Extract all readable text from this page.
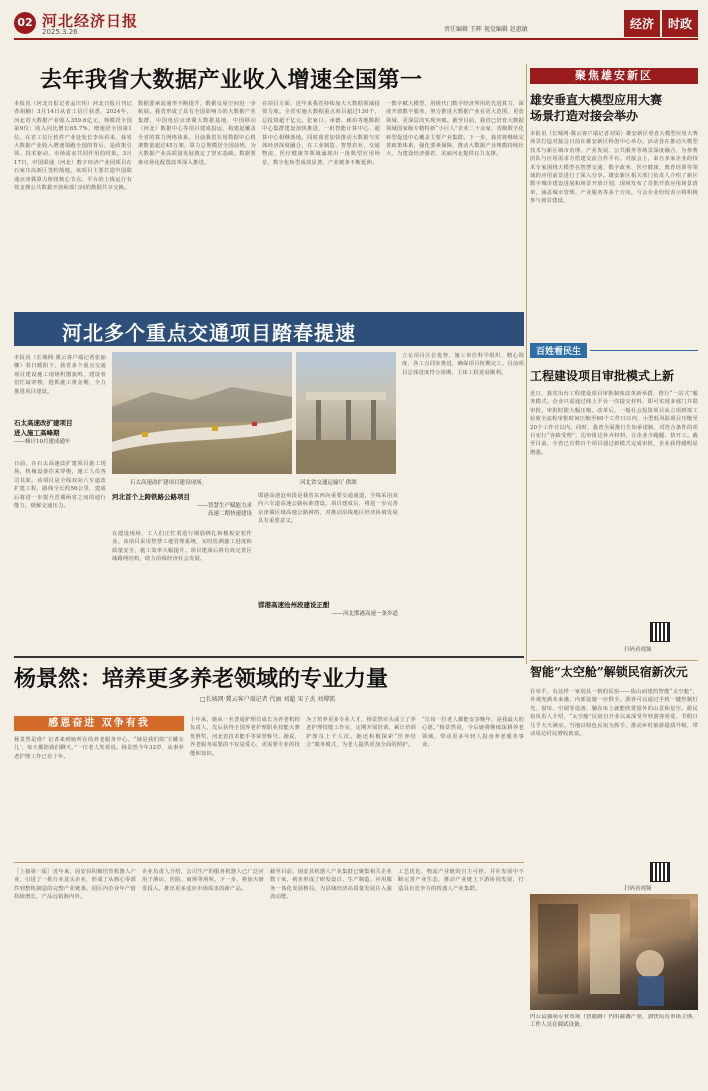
02 河北经济日报
2025.3.26	责任编辑 王晖 视觉编辑 赵惠敏	经济	时政
去年我省大数据产业收入增速全国第一
本报讯（河北日报记者孟庆伟）河北日报月刊记者胡楠）3月14日从省工信厅获悉，2024年，河北省大数据产业收入359.6亿元，规模居全国第9位；收入同比增长65.7%，增速居全国第1位。在省工信厅软件产业处处长李向看来，我省大数据产业收入增速领跑全国的背后，是政策引领、技术驱动、市场需求共同作用的结果。3月17日，中国联通（河北）数字经济产业园项目在石家庄高新区签约落地，该项目主要打造中国联通京津冀算力枢纽核心节点。平台的上线运行有效支撑公共数据开放和部门间的数据共享交换。
数据要素流通率不断提升，数据交易空间进一步拓展。我省形成了具有全国影响力的大数据产业集群，中国电信京津冀大数据基地、中国移动（河北）数据中心等项目建成投运，构建起覆盖全省的算力网络体系。目前我省在用数据中心机架数量超过45万架，算力总规模居全国前列，为大数据产业高质量发展奠定了坚实基础。数据要素市场化配置改革深入推进。
在项目方面，近年来我省持续加大大数据领域投资力度。全省实施大数据重点项目超过130个，总投资超千亿元。张家口、承德、廊坊等地数据中心集群建设加快推进，一批智能计算中心、超算中心相继落地。同时我省加快推动大数据与实体经济深度融合，在工业制造、智慧农业、交通物流、医疗健康等领域涌现出一批典型应用场景，数字化转型成效显著，产业链条不断延伸。
一数字赋大模型，用组代门数字经济所用的先进算力，深度开放数字服务，努力推进大数据产业在更大范围、更宽领域、更深层次实现突破。截至目前，我省已培育大数据领域国家级专精特新“小巨人”企业二十余家，省级数字化转型促进中心覆盖主要产业集群。下一步，我省将继续完善政策体系，强化要素保障，推动大数据产业规模持续壮大，为建设经济强省、美丽河北提供有力支撑。
聚焦雄安新区
雄安垂直大模型应用大赛
场景打造对接会举办
本报讯（长城网·冀云客户端记者刘荣）雄安新区垂直大模型应用大赛场景打造对接会日前在雄安新区科创中心举办。活动旨在推动大模型技术与新区城市治理、产业发展、公共服务等场景深度融合，为参赛团队与应用需求方搭建交流合作平台。对接会上，来自多家企业的技术专家围绕大模型在智慧交通、数字政务、医疗健康、教育培训等领域的应用前景进行了深入分享。雄安新区相关部门负责人介绍了新区数字城市建设进展和场景开放计划，现场发布了首批开放应用场景清单，涵盖城市管理、产业服务等多个方向。与会企业纷纷表示将积极参与场景建设。
百姓看民生
工程建设项目审批模式上新
近日，我省出台工程建设项目审批制度改革新举措，推行“一站式”服务模式。企业只需通过线上平台一次提交材料，即可实现多部门并联审批，审批时限大幅压缩。改革后，一般社会投资项目从立项到竣工验收全流程审批时间压缩至60个工作日以内，小型低风险项目压缩至20个工作日以内。同时，我省全面推行告知承诺制，对符合条件的项目实行“容缺受理”，边审批边补齐材料，让企业少跑腿、快开工。截至目前，全省已有数百个项目通过新模式完成审批，企业获得感明显增强。
扫码看视频
智能“太空舱”解锁民宿新次元
在阜平，有这样一家别具一格的民宿——依山而建的智能“太空舱”，外观充满未来感，内部设施一应俱全。游客可以通过手机一键控制灯光、窗帘、空调等设备，躺在床上就能欣赏窗外的山景和星空。据民宿负责人介绍，“太空舱”民宿自开业以来深受年轻游客喜爱，节假日几乎天天满房。当地以特色民宿为抓手，推动乡村旅游提质升级，带动周边村民增收致富。
扫码看视频
内丘县强项专业市场（智能路）内用灌溉产业，加快培育市场主体。工作人员在调试设备。
河北多个重点交通项目踏春提速
本报讯（长城网·冀云客户端记者张丽娜）春日暖阳下，我省多个重点交通项目建设施工现场机器轰鸣，建设者们忙碌穿梭，抢抓施工黄金期，全力推进项目建设。
石太高速改扩建项目
进入施工高峰期
——倾计10月建成通车
日前，在石太高速改扩建项目施工现场，机械设备往来穿梭，施工人员各司其职。该项目是全线双向八车道改扩建工程，路线全长约56公里，建成后将进一步提升晋冀两省之间的通行能力，缓解交通压力。
石太高速改扩建项目建设现场。	河北省交通运输厅 供图
立足项目区位优势，施工单位科学组织、精心调度，各工点同步推进，确保项目按期完工。目前项目总体进度符合预期，主体工程进展顺利。
河北首个上跨铁路公路项目
——智慧生产赋能力求
高速二期快速建设
在建设现场，工人们正忙着进行钢筋绑扎和模板安装作业。该项目采用智慧工地管理系统，实时监测施工进度和质量安全，施工效率大幅提升。项目建成后将有效完善区域路网结构，助力沿线经济社会发展。
邯港高速沧州段建设正酣
——河北邯港高速一条乡道
邯港高速沧州段是我省东西向重要交通通道，全线采用双向六车道高速公路标准建设。项目建成后，将进一步完善京津冀区域高速公路网络，对推动沿线地区经济协调发展具有重要意义。
杨景然：培养更多养老领域的专业力量
□长城网·冀云客户端记者 代丽 刘超 宋子杰 刘博凯
感恩奋进 双争有我
杨景然是谁？记者来到她所在的养老服务中心，“她是我们的‘宝藏女儿’，每天都陪我们聊天。”一位老人笑着说。杨景然今年32岁，从事养老护理工作已有十年。
十年来，她从一名普通护理员成长为养老机构负责人，先后获得全国养老护理职业技能大赛优胜奖、河北省技术能手等荣誉称号。她说，养老服务需要的不仅是爱心，更需要专业的技能和知识。
为了培养更多专业人才，杨景然牵头成立了养老护理技能工作室，定期开展培训，累计培训护理员上千人次。她还积极探索“医养结合”服务模式，为老人提供更加全面的照护。
“让每一位老人都能安享晚年，是我最大的心愿。”杨景然说，今后她将继续深耕养老领域，带动更多年轻人投身养老服务事业。
［上接第一版］近年来，固安县积极培育机器人产业，引进了一批行业龙头企业，形成了从核心零部件到整机制造的完整产业链条。园区内企业年产值持续增长，产品远销海内外。
企业负责人介绍，公司生产的服务机器人已广泛应用于酒店、医院、商场等场所。下一步，将加大研发投入，推出更多适应市场需求的新产品。
截至目前，固安县机器人产业集群已聚集相关企业数十家，初步形成了研发设计、生产制造、应用服务一体化发展格局，为县域经济高质量发展注入强劲动能。
工艺优化、物流产业链的自主可控，并在发展中不断完善产业生态，推动产业链上下游协同发展，打造具有竞争力的机器人产业集群。
